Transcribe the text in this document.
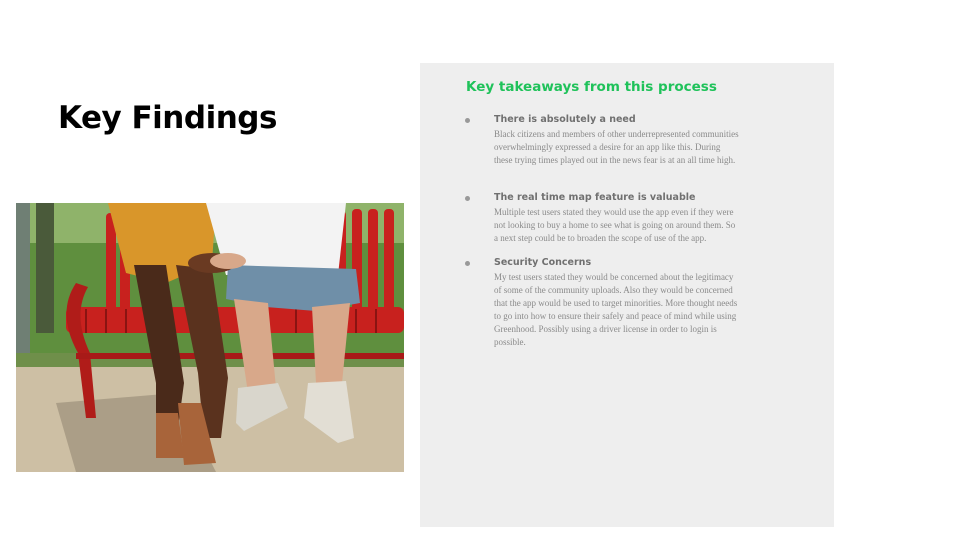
Key Findings
Key takeaways from this process

There is absolutely a need

Black citizens and members of other underrepresented communities overwhelmingly expressed a desire for an app like this. During these trying times played out in the news fear is at an all time high.

The real time map feature is valuable

Multiple test users stated they would use the app even if they were not looking to buy a home to see what is going on around them. So a next step could be to broaden the scope of use of the app.

Security Concerns

My test users stated they would be concerned about the legitimacy of some of the community uploads. Also they would be concerned that the app would be used to target minorities. More thought needs to go into how to ensure their safely and peace of mind while using Greenhood. Possibly using a driver license in order to login is possible.
